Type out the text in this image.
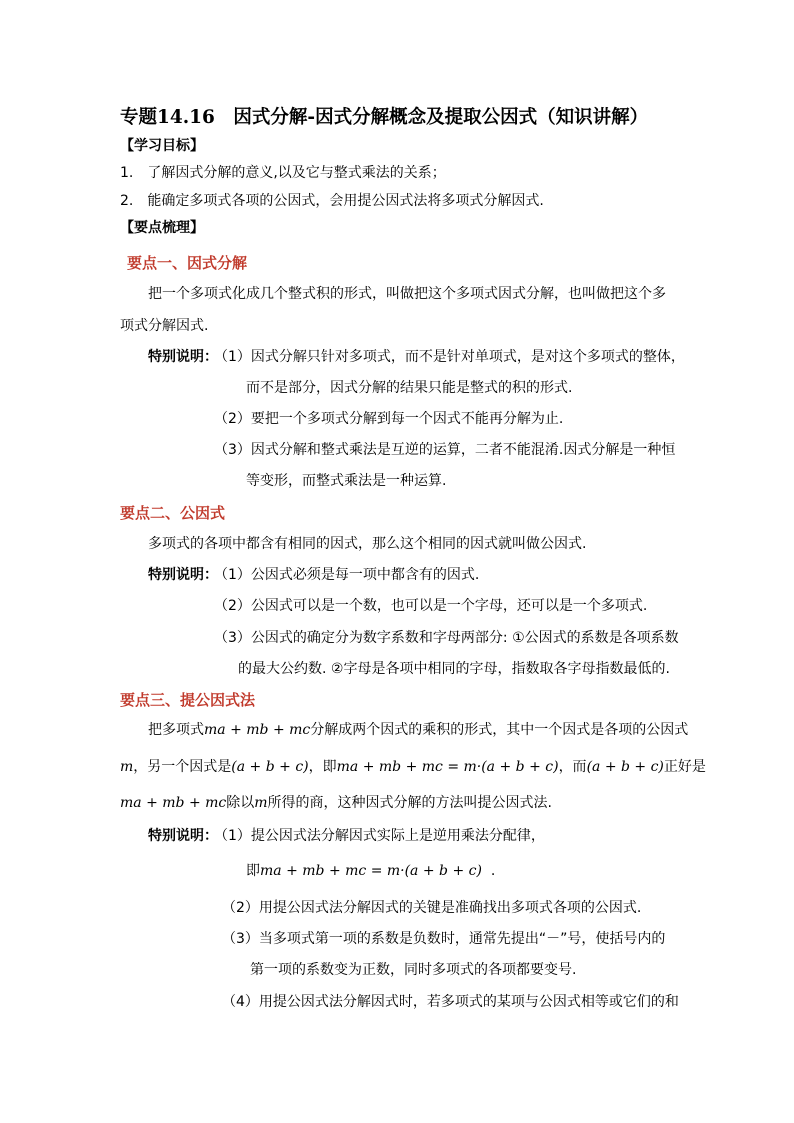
专题14.16　因式分解-因式分解概念及提取公因式（知识讲解）
【学习目标】
1.　了解因式分解的意义,以及它与整式乘法的关系；
2.　能确定多项式各项的公因式，会用提公因式法将多项式分解因式.
【要点梳理】
要点一、因式分解
把一个多项式化成几个整式积的形式，叫做把这个多项式因式分解，也叫做把这个多
项式分解因式.
特别说明：
（1）因式分解只针对多项式，而不是针对单项式，是对这个多项式的整体，
而不是部分，因式分解的结果只能是整式的积的形式.
（2）要把一个多项式分解到每一个因式不能再分解为止.
（3）因式分解和整式乘法是互逆的运算，二者不能混淆.因式分解是一种恒
等变形，而整式乘法是一种运算.
要点二、公因式
多项式的各项中都含有相同的因式，那么这个相同的因式就叫做公因式.
特别说明：
（1）公因式必须是每一项中都含有的因式.
（2）公因式可以是一个数，也可以是一个字母，还可以是一个多项式.
（3）公因式的确定分为数字系数和字母两部分: ①公因式的系数是各项系数
的最大公约数. ②字母是各项中相同的字母，指数取各字母指数最低的.
要点三、提公因式法
把多项式ma + mb + mc分解成两个因式的乘积的形式，其中一个因式是各项的公因式
m，另一个因式是(a + b + c)，即ma + mb + mc = m·(a + b + c)，而(a + b + c)正好是
ma + mb + mc除以m所得的商，这种因式分解的方法叫提公因式法.
特别说明：
（1）提公因式法分解因式实际上是逆用乘法分配律，
即ma + mb + mc = m·(a + b + c)  .
（2）用提公因式法分解因式的关键是准确找出多项式各项的公因式.
（3）当多项式第一项的系数是负数时，通常先提出“－”号，使括号内的
第一项的系数变为正数，同时多项式的各项都要变号.
（4）用提公因式法分解因式时，若多项式的某项与公因式相等或它们的和
